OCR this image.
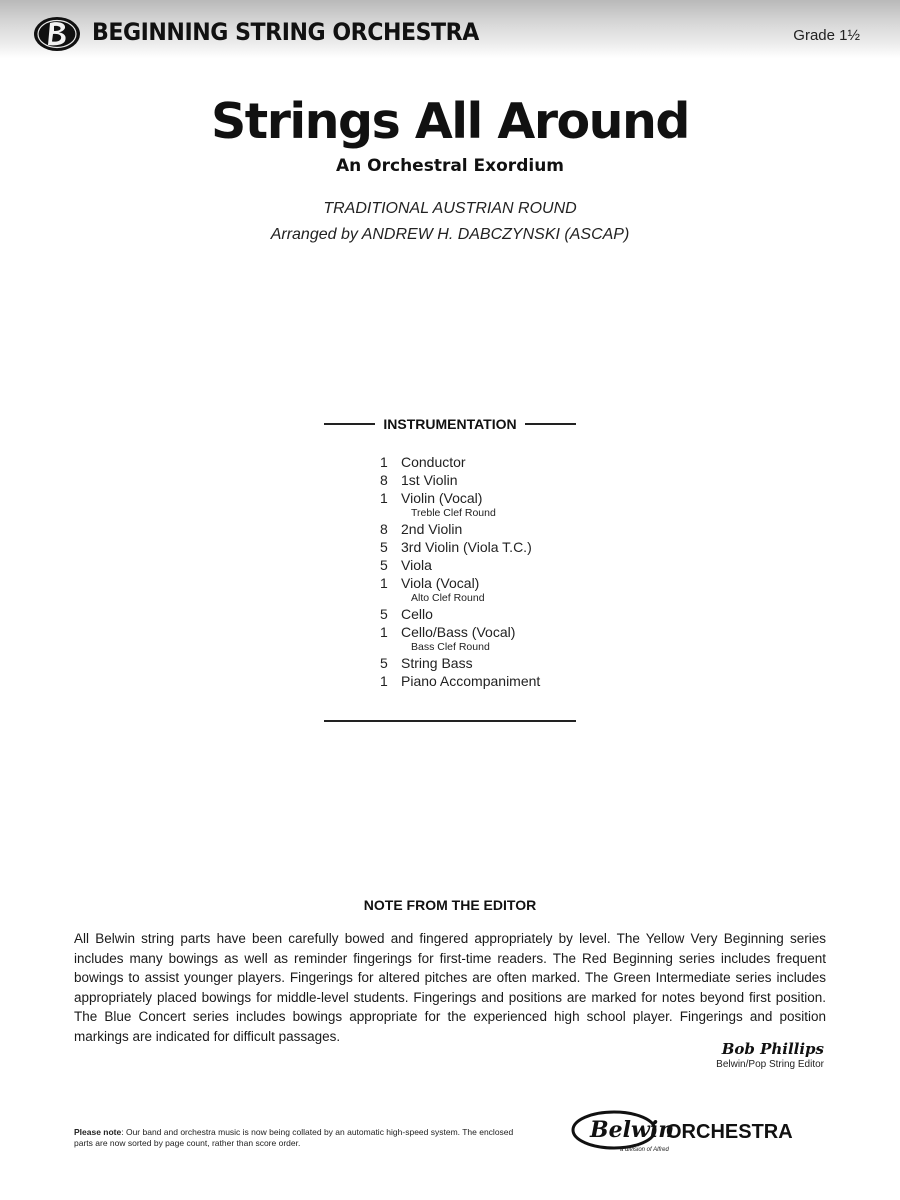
BEGINNING STRING ORCHESTRA	Grade 1½
Strings All Around
An Orchestral Exordium
TRADITIONAL AUSTRIAN ROUND
Arranged by ANDREW H. DABCZYNSKI (ASCAP)
INSTRUMENTATION
1 Conductor
8 1st Violin
1 Violin (Vocal)
Treble Clef Round
8 2nd Violin
5 3rd Violin (Viola T.C.)
5 Viola
1 Viola (Vocal)
Alto Clef Round
5 Cello
1 Cello/Bass (Vocal)
Bass Clef Round
5 String Bass
1 Piano Accompaniment
NOTE FROM THE EDITOR

All Belwin string parts have been carefully bowed and fingered appropriately by level. The Yellow Very Beginning series includes many bowings as well as reminder fingerings for first-time readers. The Red Beginning series includes frequent bowings to assist younger players. Fingerings for altered pitches are often marked. The Green Intermediate series includes appropriately placed bowings for middle-level students. Fingerings and positions are marked for notes beyond first position. The Blue Concert series includes bowings appropriate for the experienced high school player. Fingerings and position markings are indicated for difficult passages.

Bob Phillips
Belwin/Pop String Editor
Please note: Our band and orchestra music is now being collated by an automatic high-speed system. The enclosed parts are now sorted by page count, rather than score order.	Belwin
ORCHESTRA
a division of Alfred
